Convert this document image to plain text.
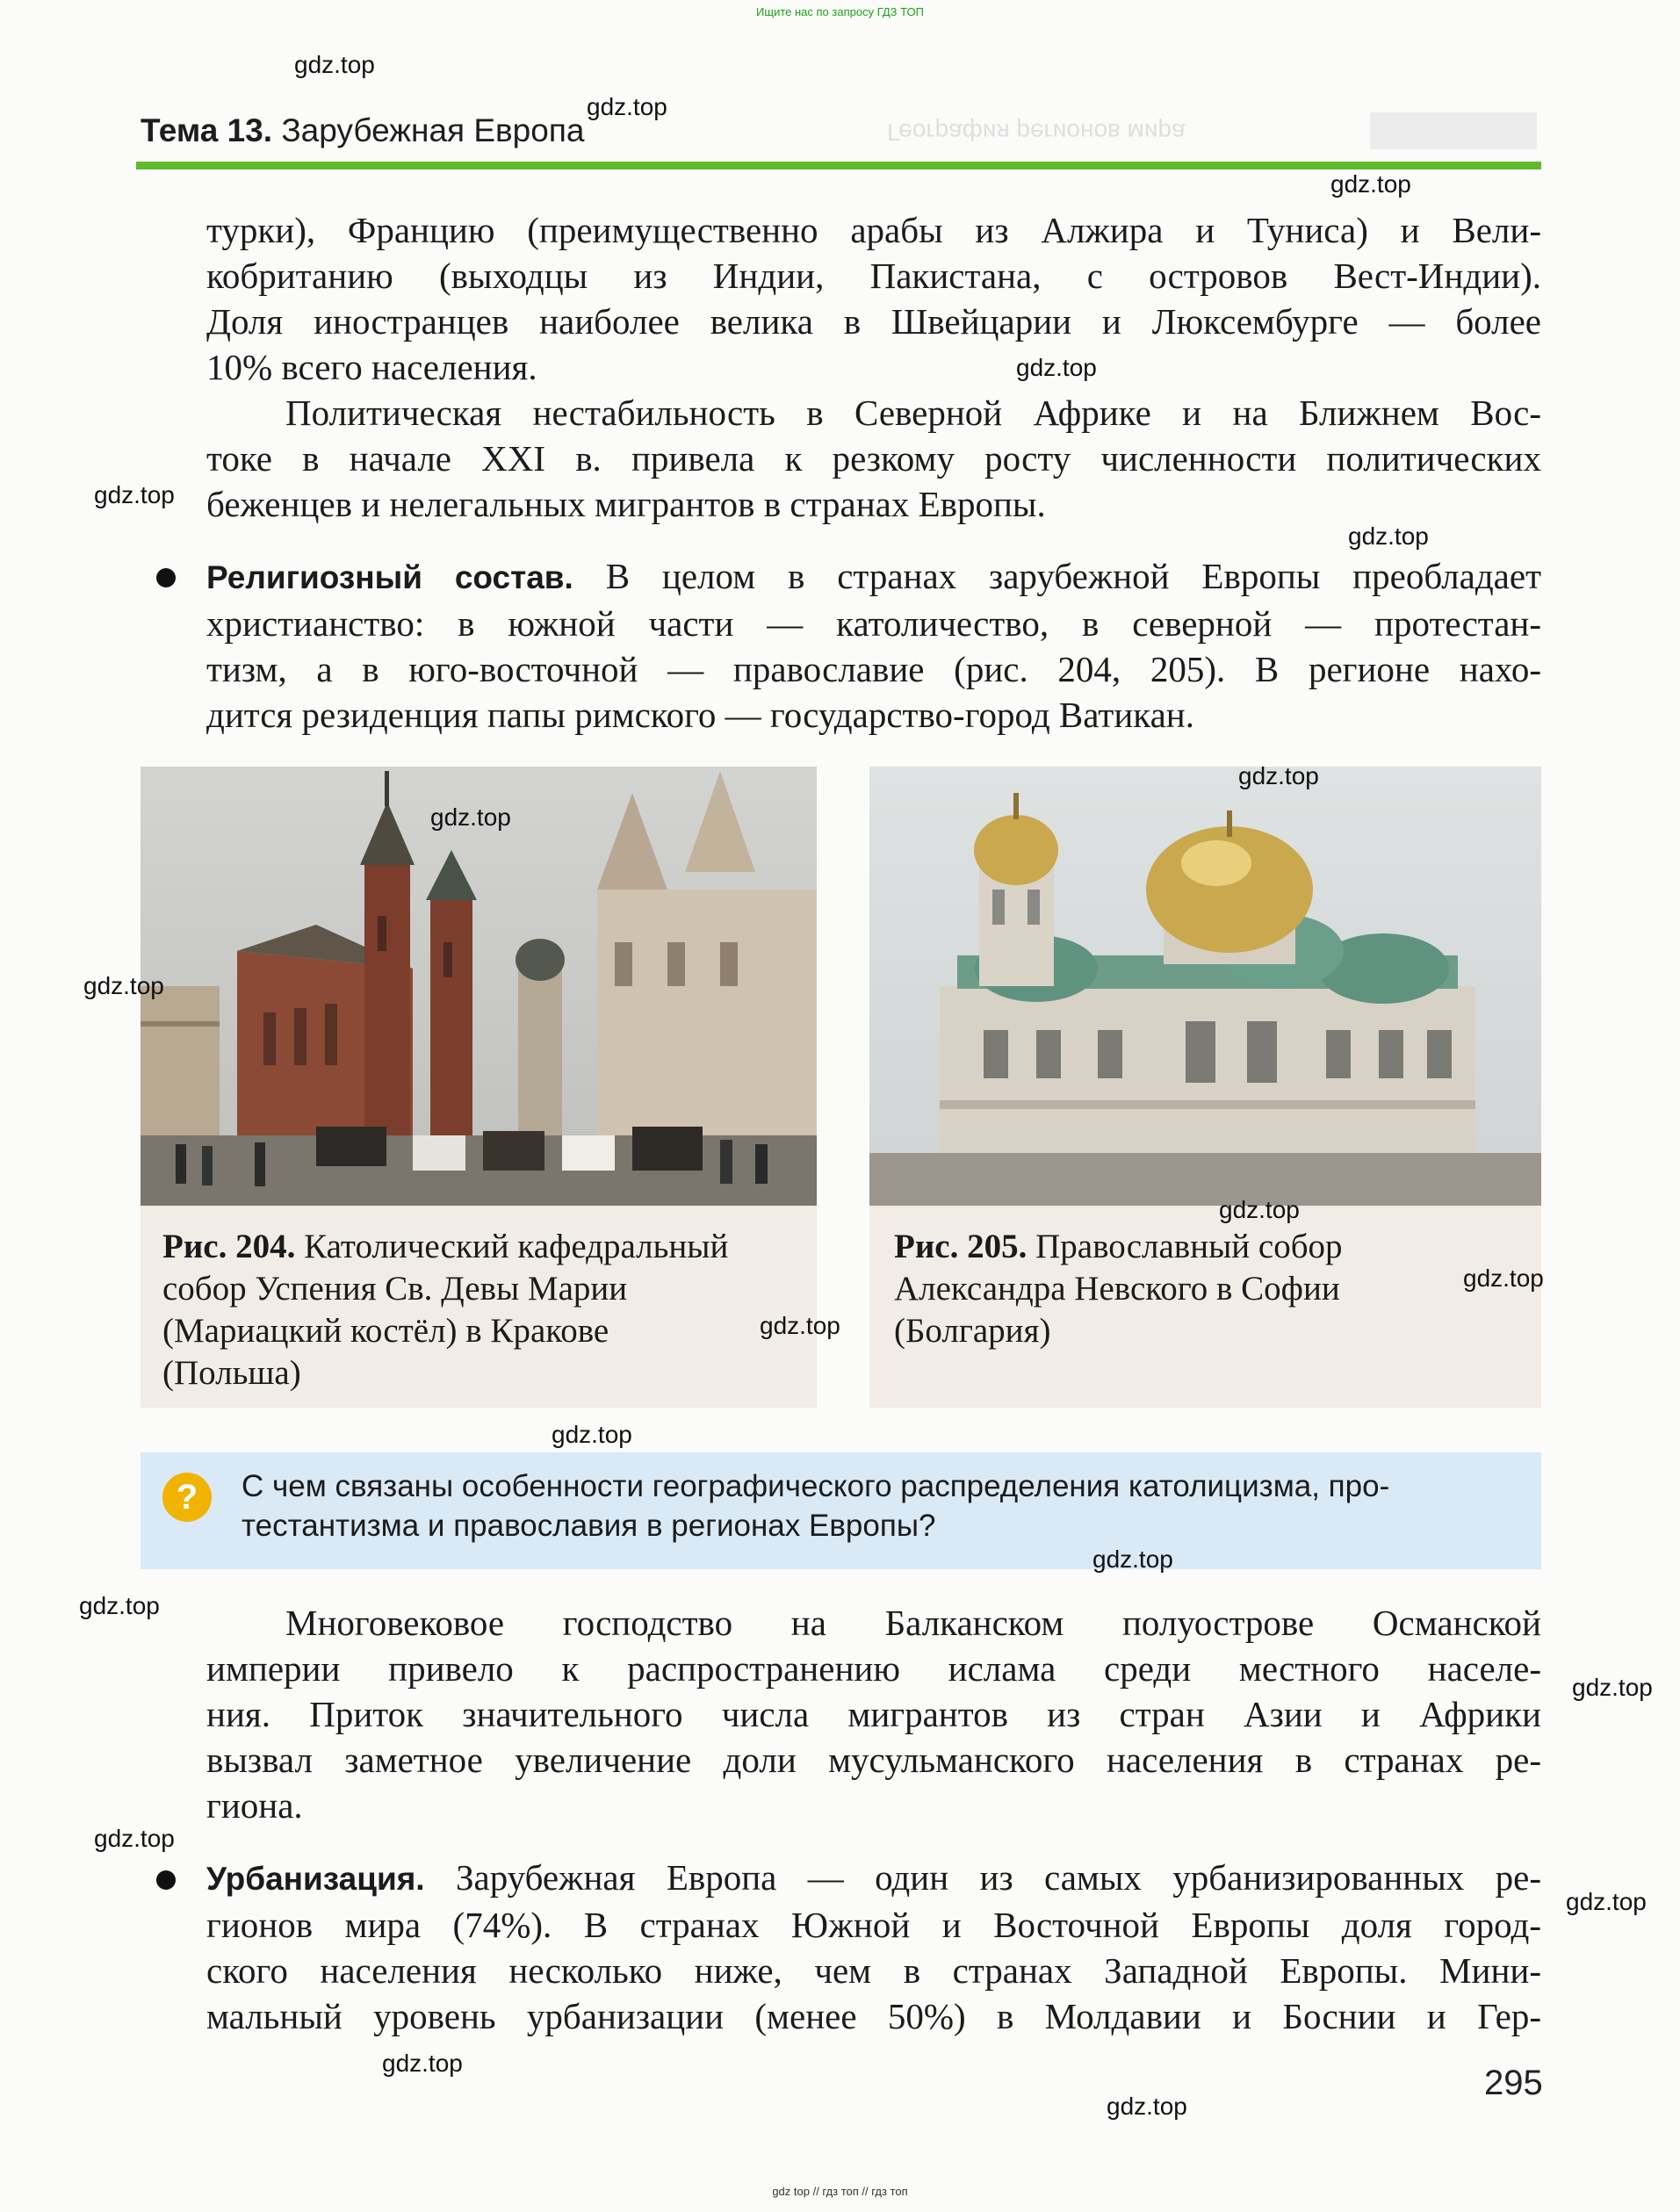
Ищите нас по запросу ГДЗ ТОП
География регионов мира
Тема 13. Зарубежная Европа
турки), Францию (преимущественно арабы из Алжира и Туниса) и Вели-
кобританию (выходцы из Индии, Пакистана, с островов Вест-Индии).
Доля иностранцев наиболее велика в Швейцарии и Люксембурге — более
10% всего населения.
Политическая нестабильность в Северной Африке и на Ближнем Вос-
токе в начале XXI в. привела к резкому росту численности политических
беженцев и нелегальных мигрантов в странах Европы.
Религиозный состав. В целом в странах зарубежной Европы преобладает
христианство: в южной части — католичество, в северной — протестан-
тизм, а в юго-восточной — православие (рис. 204, 205). В регионе нахо-
дится резиденция папы римского — государство-город Ватикан.
Рис. 204. Католический кафедральный
собор Успения Св. Девы Марии
(Мариацкий костёл) в Кракове
(Польша)
Рис. 205. Православный собор
Александра Невского в Софии
(Болгария)
?	С чем связаны особенности географического распределения католицизма, про-
тестантизма и православия в регионах Европы?
Многовековое господство на Балканском полуострове Османской
империи привело к распространению ислама среди местного населе-
ния. Приток значительного числа мигрантов из стран Азии и Африки
вызвал заметное увеличение доли мусульманского населения в странах ре-
гиона.
Урбанизация. Зарубежная Европа — один из самых урбанизированных ре-
гионов мира (74%). В странах Южной и Восточной Европы доля город-
ского населения несколько ниже, чем в странах Западной Европы. Мини-
мальный уровень урбанизации (менее 50%) в Молдавии и Боснии и Гер-
295
gdz.top
gdz.top
gdz.top
gdz.top
gdz.top
gdz.top
gdz.top
gdz.top
gdz.top
gdz.top
gdz.top
gdz.top
gdz.top
gdz.top
gdz.top
gdz.top
gdz.top
gdz.top
gdz.top
gdz.top
gdz top // гдз топ // гдз топ
